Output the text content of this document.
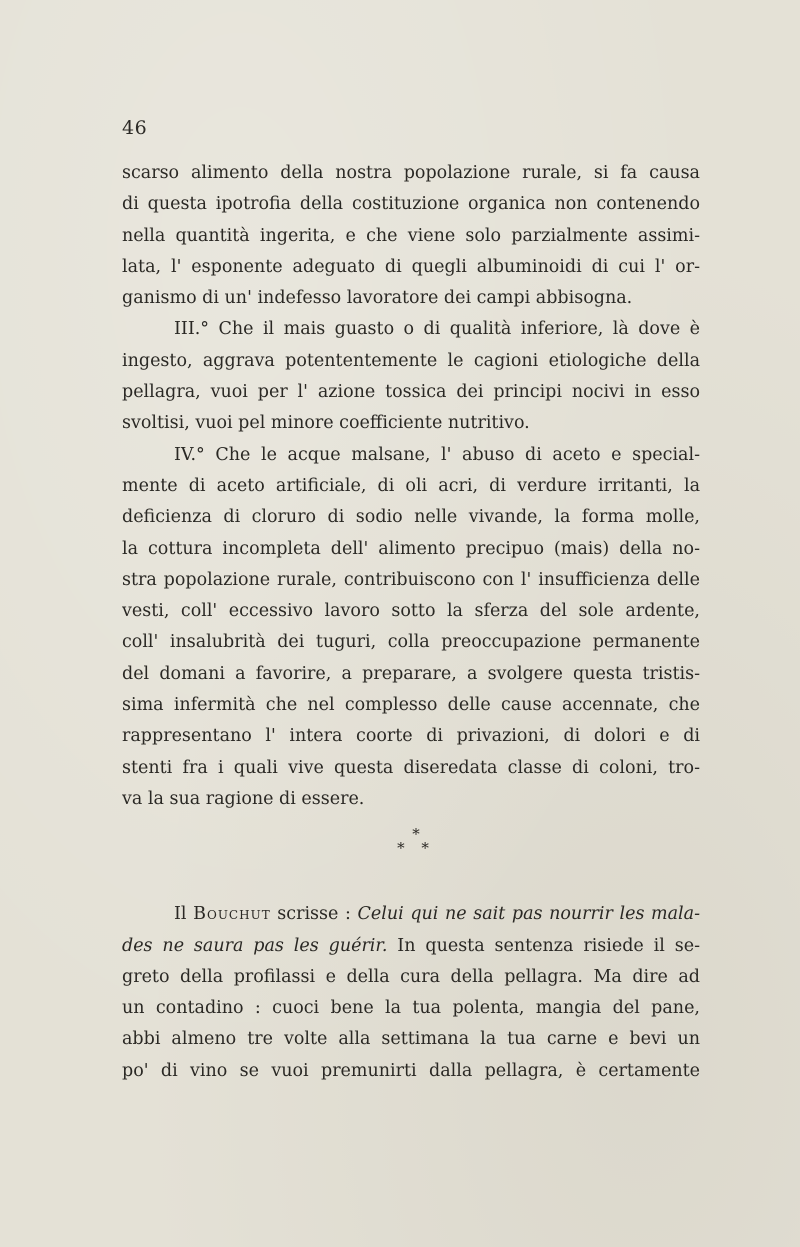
46
scarso alimento della nostra popolazione rurale, si fa causa
di questa ipotrofia della costituzione organica non contenendo
nella quantità ingerita, e che viene solo parzialmente assimi-
lata, l' esponente adeguato di quegli albuminoidi di cui l' or-
ganismo di un' indefesso lavoratore dei campi abbisogna.
III.° Che il mais guasto o di qualità inferiore, là dove è
ingesto, aggrava potententemente le cagioni etiologiche della
pellagra, vuoi per l' azione tossica dei principi nocivi in esso
svoltisi, vuoi pel minore coefficiente nutritivo.
IV.° Che le acque malsane, l' abuso di aceto e special-
mente di aceto artificiale, di oli acri, di verdure irritanti, la
deficienza di cloruro di sodio nelle vivande, la forma molle,
la cottura incompleta dell' alimento precipuo (mais) della no-
stra popolazione rurale, contribuiscono con l' insufficienza delle
vesti, coll' eccessivo lavoro sotto la sferza del sole ardente,
coll' insalubrità dei tuguri, colla preoccupazione permanente
del domani a favorire, a preparare, a svolgere questa tristis-
sima infermità che nel complesso delle cause accennate, che
rappresentano l' intera coorte di privazioni, di dolori e di
stenti fra i quali vive questa diseredata classe di coloni, tro-
va la sua ragione di essere.
*
* *
Il Bouchut scrisse : Celui qui ne sait pas nourrir les mala-
des ne saura pas les guérir. In questa sentenza risiede il se-
greto della profilassi e della cura della pellagra. Ma dire ad
un contadino : cuoci bene la tua polenta, mangia del pane,
abbi almeno tre volte alla settimana la tua carne e bevi un
po' di vino se vuoi premunirti dalla pellagra, è certamente
